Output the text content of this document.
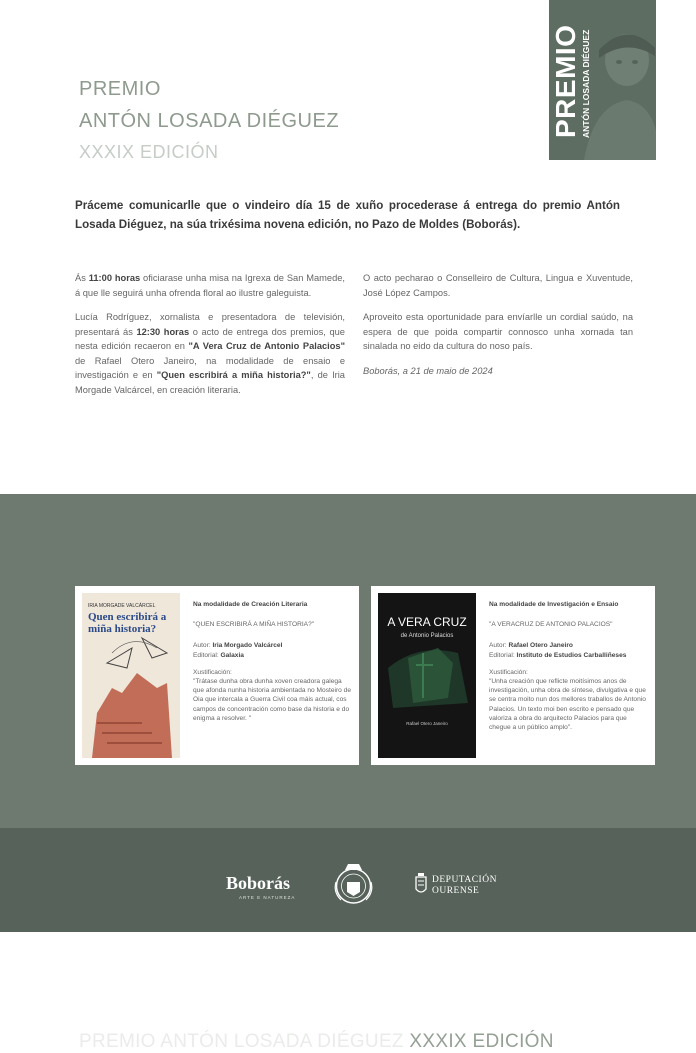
PREMIO
ANTÓN LOSADA DIÉGUEZ
XXXIX EDICIÓN
PREMIO ANTÓN LOSADA DIÉGUEZ
Práceme comunicarlle que o vindeiro día 15 de xuño procederase á entrega do premio Antón Losada Diéguez, na súa trixésima novena edición, no Pazo de Moldes (Boborás).

Ás 11:00 horas oficiarase unha misa na Igrexa de San Mamede, á que lle seguirá unha ofrenda floral ao ilustre galeguista.

Lucía Rodríguez, xornalista e presentadora de televisión, presentará ás 12:30 horas o acto de entrega dos premios, que nesta edición recaeron en "A Vera Cruz de Antonio Palacios" de Rafael Otero Janeiro, na modalidade de ensaio e investigación e en "Quen escribirá a miña historia?", de Iria Morgade Valcárcel, en creación literaria.

O acto pecharao o Conselleiro de Cultura, Lingua e Xuventude, José López Campos.

Aproveito esta oportunidade para envíarlle un cordial saúdo, na espera de que poida compartir connosco unha xornada tan sinalada no eido da cultura do noso país.

Boborás, a 21 de maio de 2024

PREMIO ANTÓN LOSADA DIÉGUEZ XXXIX EDICIÓN
IRIA MORGADE VALCÁRCEL
Quen escribirá a miña historia?
Na modalidade de Creación Literaria
"QUEN ESCRIBIRÁ A MIÑA HISTORIA?"
Autor: Iria Morgado Valcárcel
Editorial: Galaxia
Xustificación:
"Trátase dunha obra dunha xoven creadora galega que afonda nunha historia ambientada no Mosteiro de Oia que intercala a Guerra Civil coa máis actual, cos campos de concentración como base da historia e do enigma a resolver. "
A VERA CRUZ
de Antonio Palacios
Rafael Otero Janeiro
Na modalidade de Investigación e Ensaio
"A VERACRUZ DE ANTONIO PALACIOS"
Autor: Rafael Otero Janeiro
Editorial: Instituto de Estudios Carballiñeses
Xustificación:
"Unha creación que reflicte moitísimos anos de investigación, unha obra de síntese, divulgativa e que se centra moito nun dos mellores traballos de Antonio Palacios. Un texto moi ben escrito e pensado que valoriza a obra do arquitecto Palacios para que chegue a un público amplo".
Boborás
ARTE E NATUREZA
DEPUTACIÓN
OURENSE
